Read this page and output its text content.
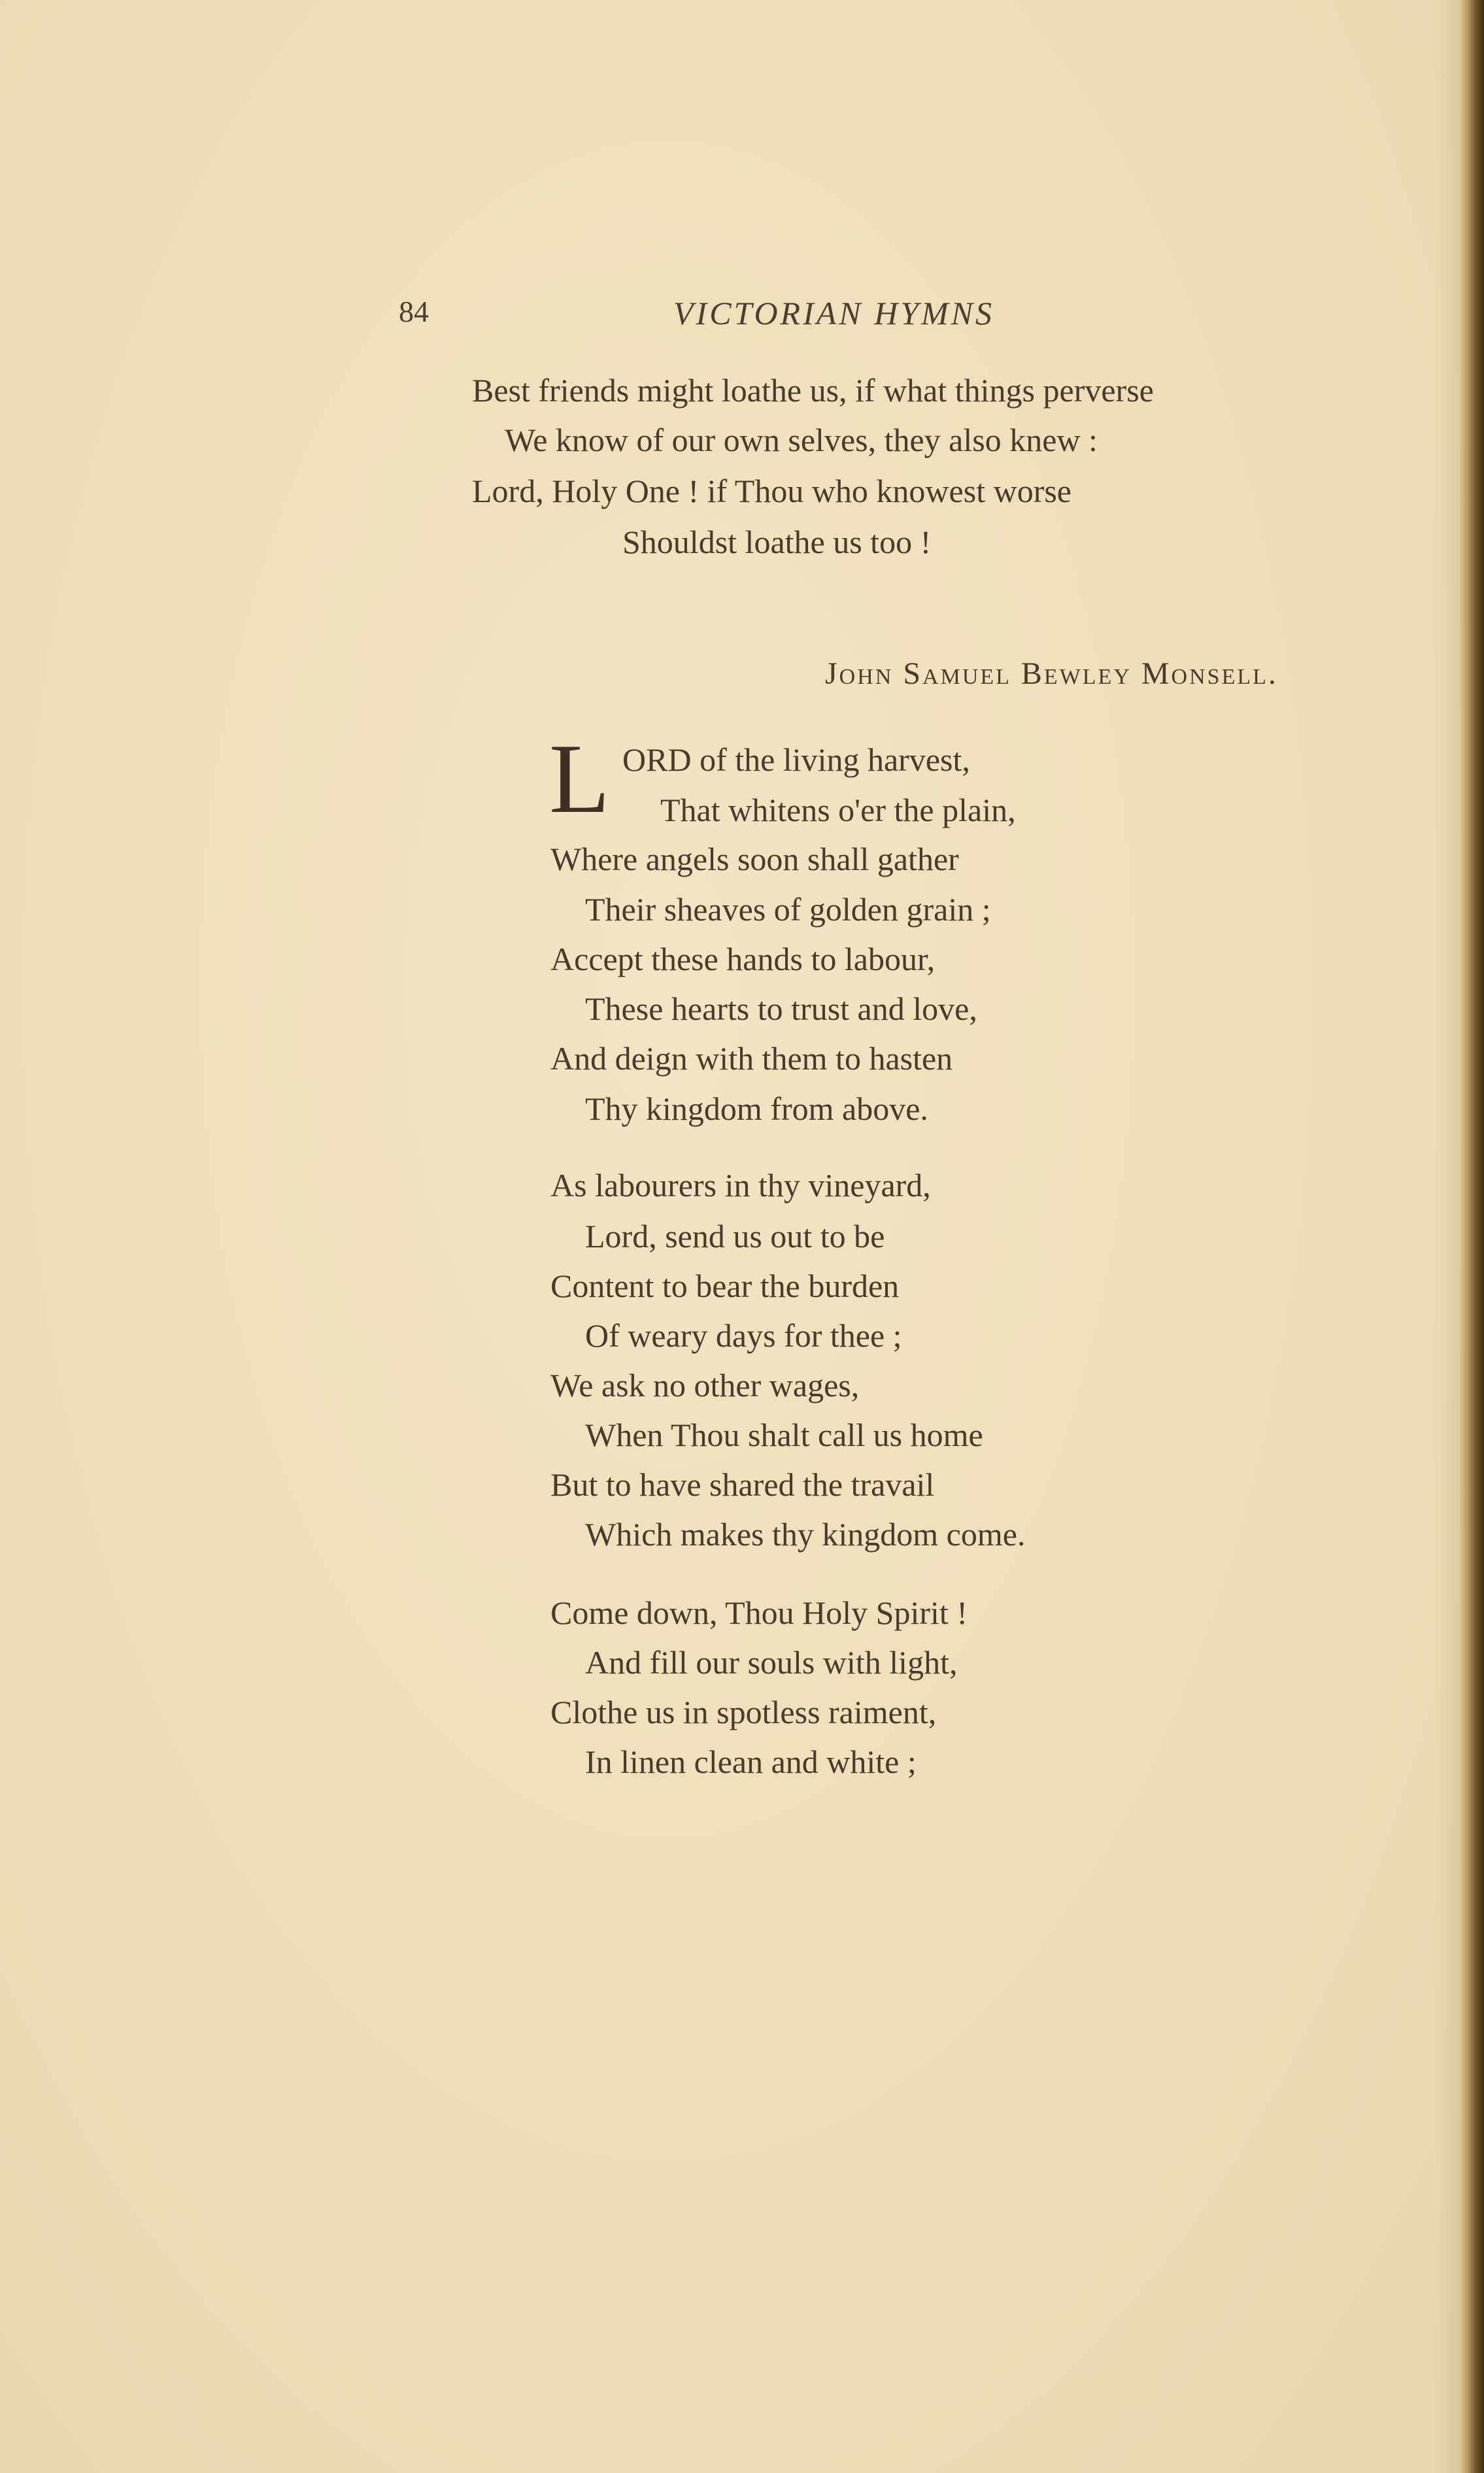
84	VICTORIAN HYMNS
Best friends might loathe us, if what things perverse
We know of our own selves, they also knew :
Lord, Holy One ! if Thou who knowest worse
Shouldst loathe us too !
John Samuel Bewley Monsell.
L ORD of the living harvest,
That whitens o'er the plain,
Where angels soon shall gather
Their sheaves of golden grain ;
Accept these hands to labour,
These hearts to trust and love,
And deign with them to hasten
Thy kingdom from above.
As labourers in thy vineyard,
Lord, send us out to be
Content to bear the burden
Of weary days for thee ;
We ask no other wages,
When Thou shalt call us home
But to have shared the travail
Which makes thy kingdom come.
Come down, Thou Holy Spirit !
And fill our souls with light,
Clothe us in spotless raiment,
In linen clean and white ;
